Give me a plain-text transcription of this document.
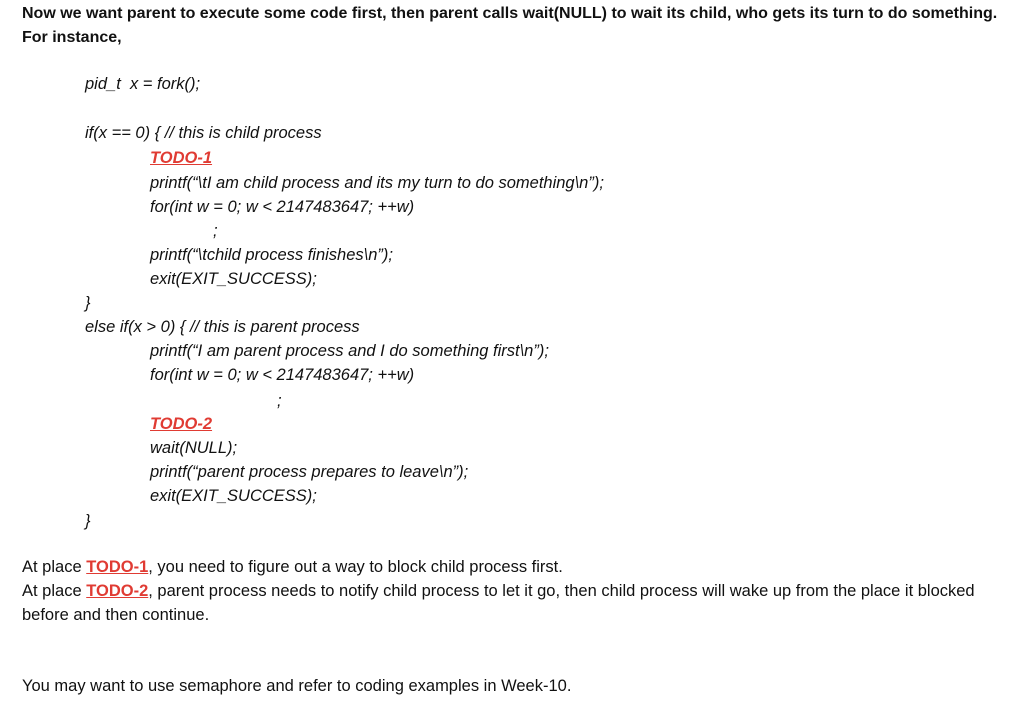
Now we want parent to execute some code first, then parent calls wait(NULL) to wait its child, who gets its turn to do something. For instance,

pid_t  x = fork();
if(x == 0) { // this is child process
TODO-1
printf(“\tI am child process and its my turn to do something\n”);
for(int w = 0; w < 2147483647; ++w)
;
printf(“\tchild process finishes\n”);
exit(EXIT_SUCCESS);
}
else if(x > 0) { // this is parent process
printf(“I am parent process and I do something first\n”);
for(int w = 0; w < 2147483647; ++w)
;
TODO-2
wait(NULL);
printf(“parent process prepares to leave\n”);
exit(EXIT_SUCCESS);
}

At place TODO-1, you need to figure out a way to block child process first.
At place TODO-2, parent process needs to notify child process to let it go, then child process will wake up from the place it blocked before and then continue.

You may want to use semaphore and refer to coding examples in Week-10.
